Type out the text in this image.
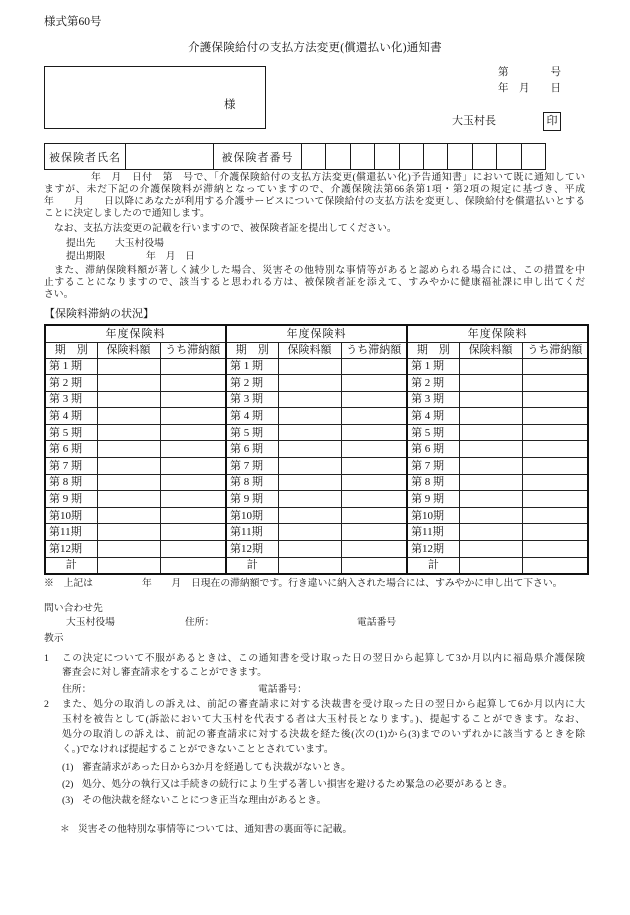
様式第60号
介護保険給付の支払方法変更(償還払い化)通知書
様
第　　　　号
年　月　　日
大玉村長	印
被保険者氏名	被保険者番号
年　月　日付　第　号で、「介護保険給付の支払方法変更(償還払い化)予告通知書」において既に通知してい
ますが、未だ下記の介護保険料が滞納となっていますので、介護保険法第66条第1項・第2項の規定に基づき、平成
年　　月　　日以降にあなたが利用する介護サービスについて保険給付の支払方法を変更し、保険給付を償還払いとする
ことに決定しましたので通知します。
なお、支払方法変更の記載を行いますので、被保険者証を提出してください。
提出先 大玉村役場
提出期限	年　月　日
また、滞納保険料額が著しく減少した場合、災害その他特別な事情等があると認められる場合には、この措置を中
止することになりますので、該当すると思われる方は、被保険者証を添えて、すみやかに健康福祉課に申し出てくだ
さい。
【保険料滞納の状況】
年度保険料			年度保険料			年度保険料		
期　別	保険料額	うち滞納額	期　別	保険料額	うち滞納額	期　別	保険料額	うち滞納額
第 1 期			第 1 期			第 1 期		
第 2 期			第 2 期			第 2 期		
第 3 期			第 3 期			第 3 期		
第 4 期			第 4 期			第 4 期		
第 5 期			第 5 期			第 5 期		
第 6 期			第 6 期			第 6 期		
第 7 期			第 7 期			第 7 期		
第 8 期			第 8 期			第 8 期		
第 9 期			第 9 期			第 9 期		
第10期			第10期			第10期		
第11期			第11期			第11期		
第12期			第12期			第12期		
計			計			計		
※　上記は　　　　　年　　月　日現在の滞納額です。行き違いに納入された場合には、すみやかに申し出て下さい。
問い合わせ先
大玉村役場	住所：	電話番号
教示
1 この決定について不服があるときは、この通知書を受け取った日の翌日から起算して3か月以内に福島県介護保険
審査会に対し審査請求をすることができます。
住所：	電話番号：
2 また、処分の取消しの訴えは、前記の審査請求に対する決裁書を受け取った日の翌日から起算して6か月以内に大
玉村を被告として(訴訟において大玉村を代表する者は大玉村長となります。)、提起することができます。なお、
処分の取消しの訴えは、前記の審査請求に対する決裁を経た後(次の(1)から(3)までのいずれかに該当するときを除
く。)でなければ提起することができないこととされています。
(1) 審査請求があった日から3か月を経過しても決裁がないとき。
(2) 処分、処分の執行又は手続きの続行により生ずる著しい損害を避けるため緊急の必要があるとき。
(3) その他決裁を経ないことにつき正当な理由があるとき。
＊ 災害その他特別な事情等については、通知書の裏面等に記載。
